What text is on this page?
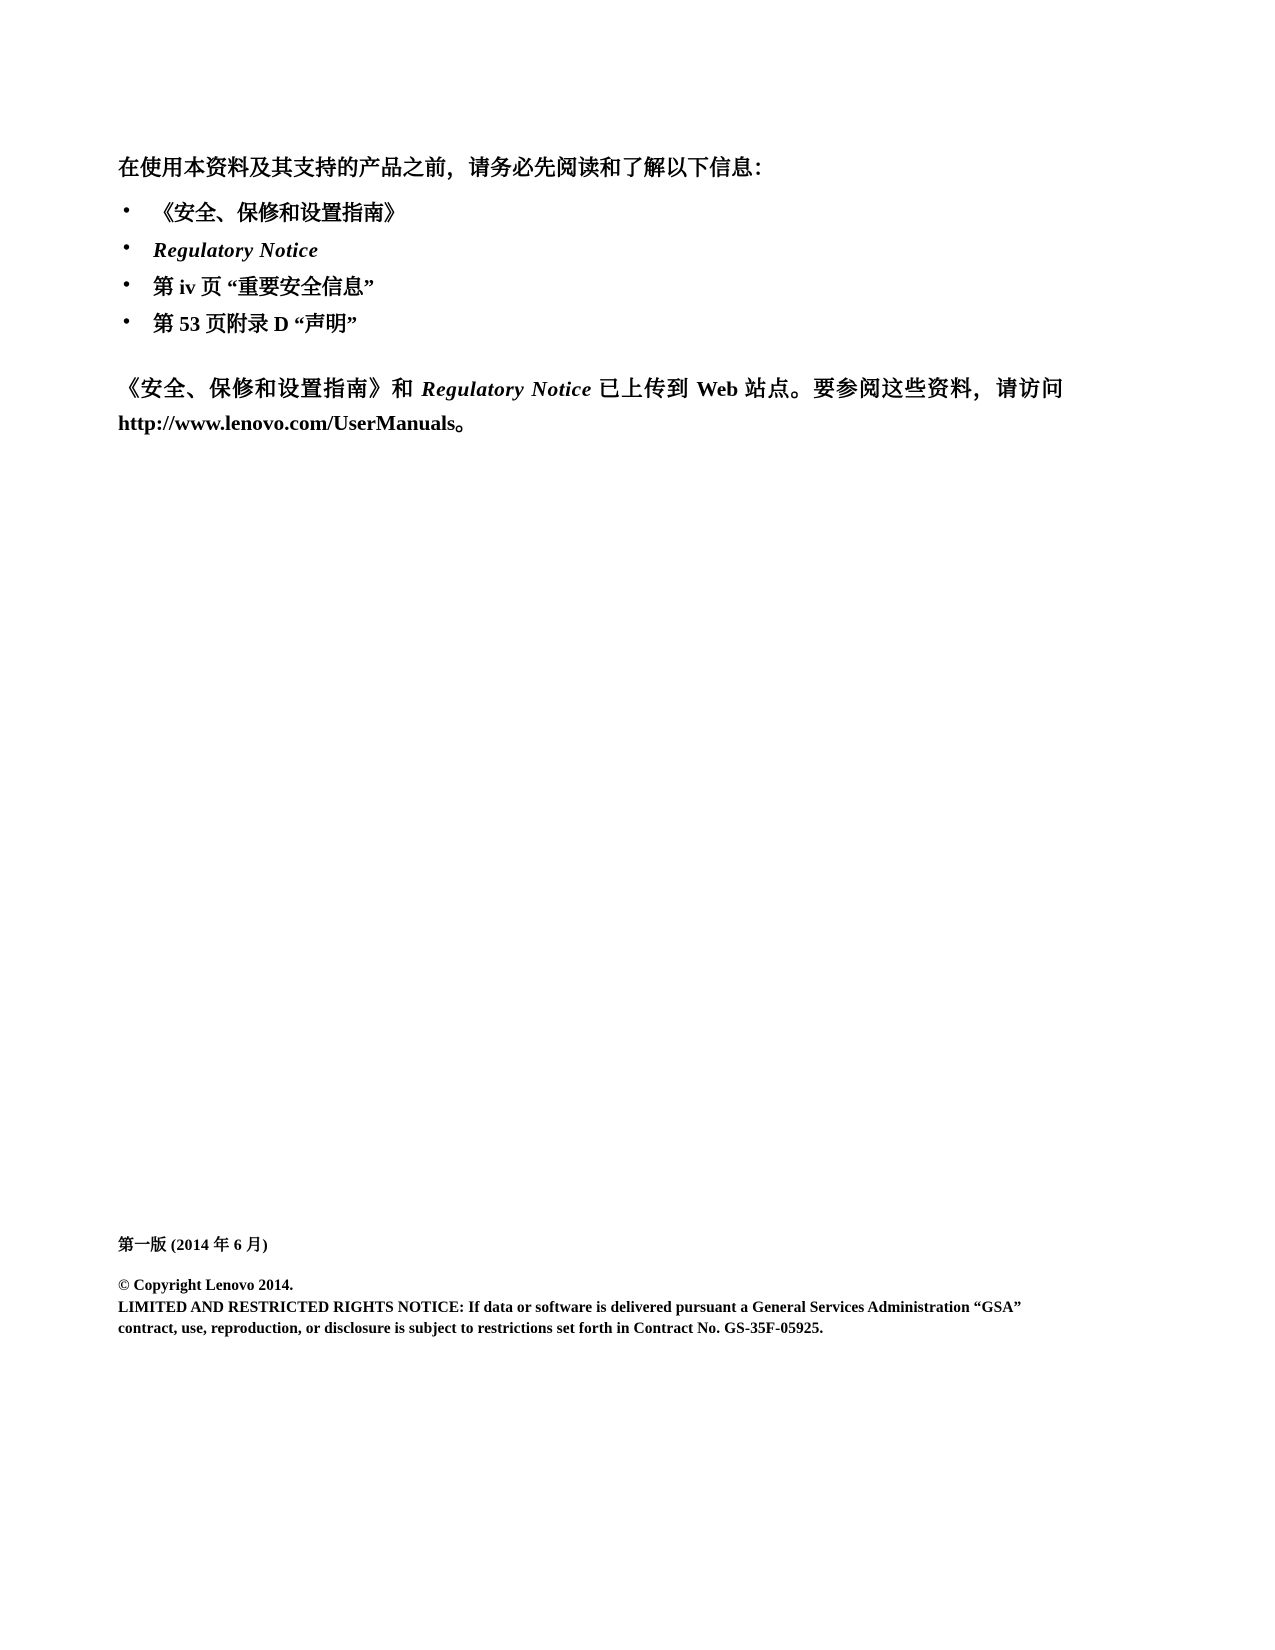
在使用本资料及其支持的产品之前，请务必先阅读和了解以下信息：

• 《安全、保修和设置指南》
• Regulatory Notice
• 第 iv 页 “重要安全信息”
• 第 53 页附录 D “声明”

《安全、保修和设置指南》和 Regulatory Notice 已上传到 Web 站点。要参阅这些资料，请访问 http://www.lenovo.com/UserManuals。

第一版 (2014 年 6 月)

© Copyright Lenovo 2014.

LIMITED AND RESTRICTED RIGHTS NOTICE: If data or software is delivered pursuant a General Services Administration “GSA” contract, use, reproduction, or disclosure is subject to restrictions set forth in Contract No. GS-35F-05925.
